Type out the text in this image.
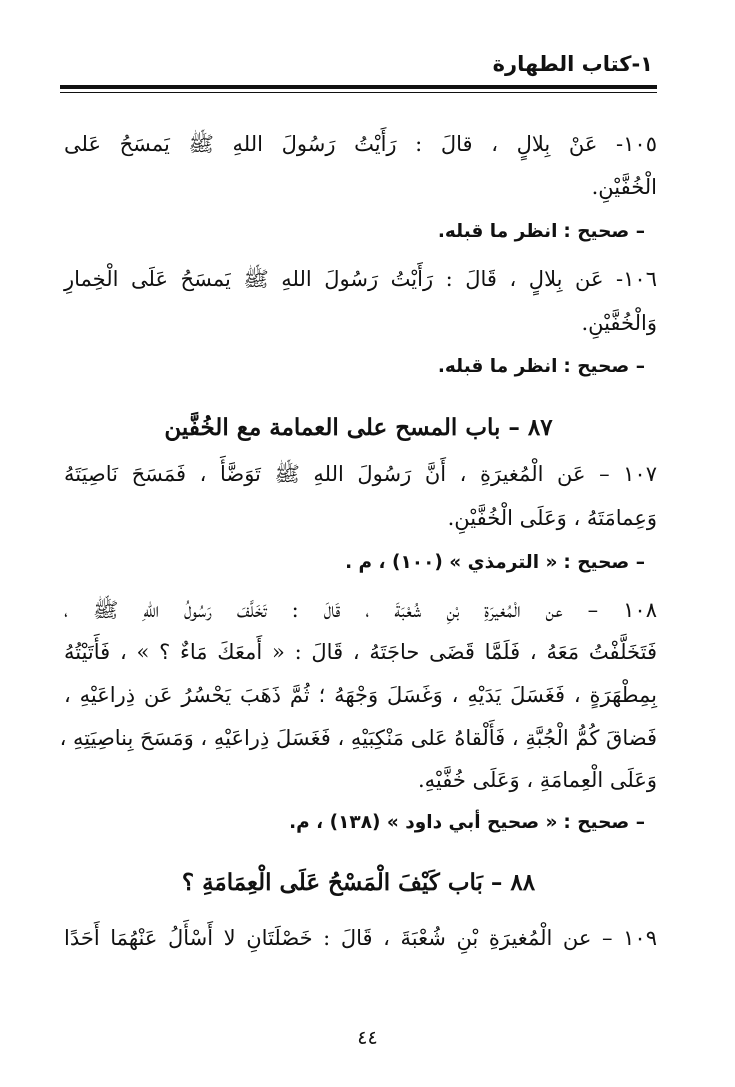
١-كتاب الطهارة
١٠٥- عَنْ بِلالٍ ، قالَ : رَأَيْتُ رَسُولَ اللهِ ﷺ يَمسَحُ عَلى
الْخُفَّيْنِ.
– صحيح : انظر ما قبله.
١٠٦- عَن بِلالٍ ، قَالَ : رَأَيْتُ رَسُولَ اللهِ ﷺ يَمسَحُ عَلَى الْخِمارِ
وَالْخُفَّيْنِ.
– صحيح : انظر ما قبله.
٨٧ – باب المسح على العمامة مع الخُفَّين
١٠٧ – عَن الْمُغيرَةِ ، أَنَّ رَسُولَ اللهِ ﷺ تَوَضَّأَ ، فَمَسَحَ نَاصِيَتَهُ
وَعِمامَتَهُ ، وَعَلَى الْخُفَّيْنِ.
– صحيح : « الترمذي » (١٠٠) ، م .
١٠٨ – عن الْمُغيرَةِ بْنِ شُعْبَةَ ، قَالَ : تَخَلَّفَ رَسُولُ اللهِ ﷺ ،
فَتَخَلَّفْتُ مَعَهُ ، فَلَمَّا قَضَى حاجَتَهُ ، قَالَ : « أَمعَكَ مَاءٌ ؟ » ، فَأَتَيْتُهُ
بِمِطْهَرَةٍ ، فَغَسَلَ يَدَيْهِ ، وَغَسَلَ وَجْهَهُ ؛ ثُمَّ ذَهَبَ يَحْسُرُ عَن ذِراعَيْهِ ،
فَضاقَ كُمُّ الْجُبَّةِ ، فَأَلْقاهُ عَلى مَنْكِبَيْهِ ، فَغَسَلَ ذِراعَيْهِ ، وَمَسَحَ بِناصِيَتِهِ ،
وَعَلَى الْعِمامَةِ ، وَعَلَى خُفَّيْهِ.
– صحيح : « صحيح أبي داود » (١٣٨) ، م.
٨٨ – بَاب كَيْفَ الْمَسْحُ عَلَى الْعِمَامَةِ ؟
١٠٩ – عن الْمُغيرَةِ بْنِ شُعْبَةَ ، قَالَ : خَصْلَتَانِ لا أَسْأَلُ عَنْهُمَا أَحَدًا
٤٤
